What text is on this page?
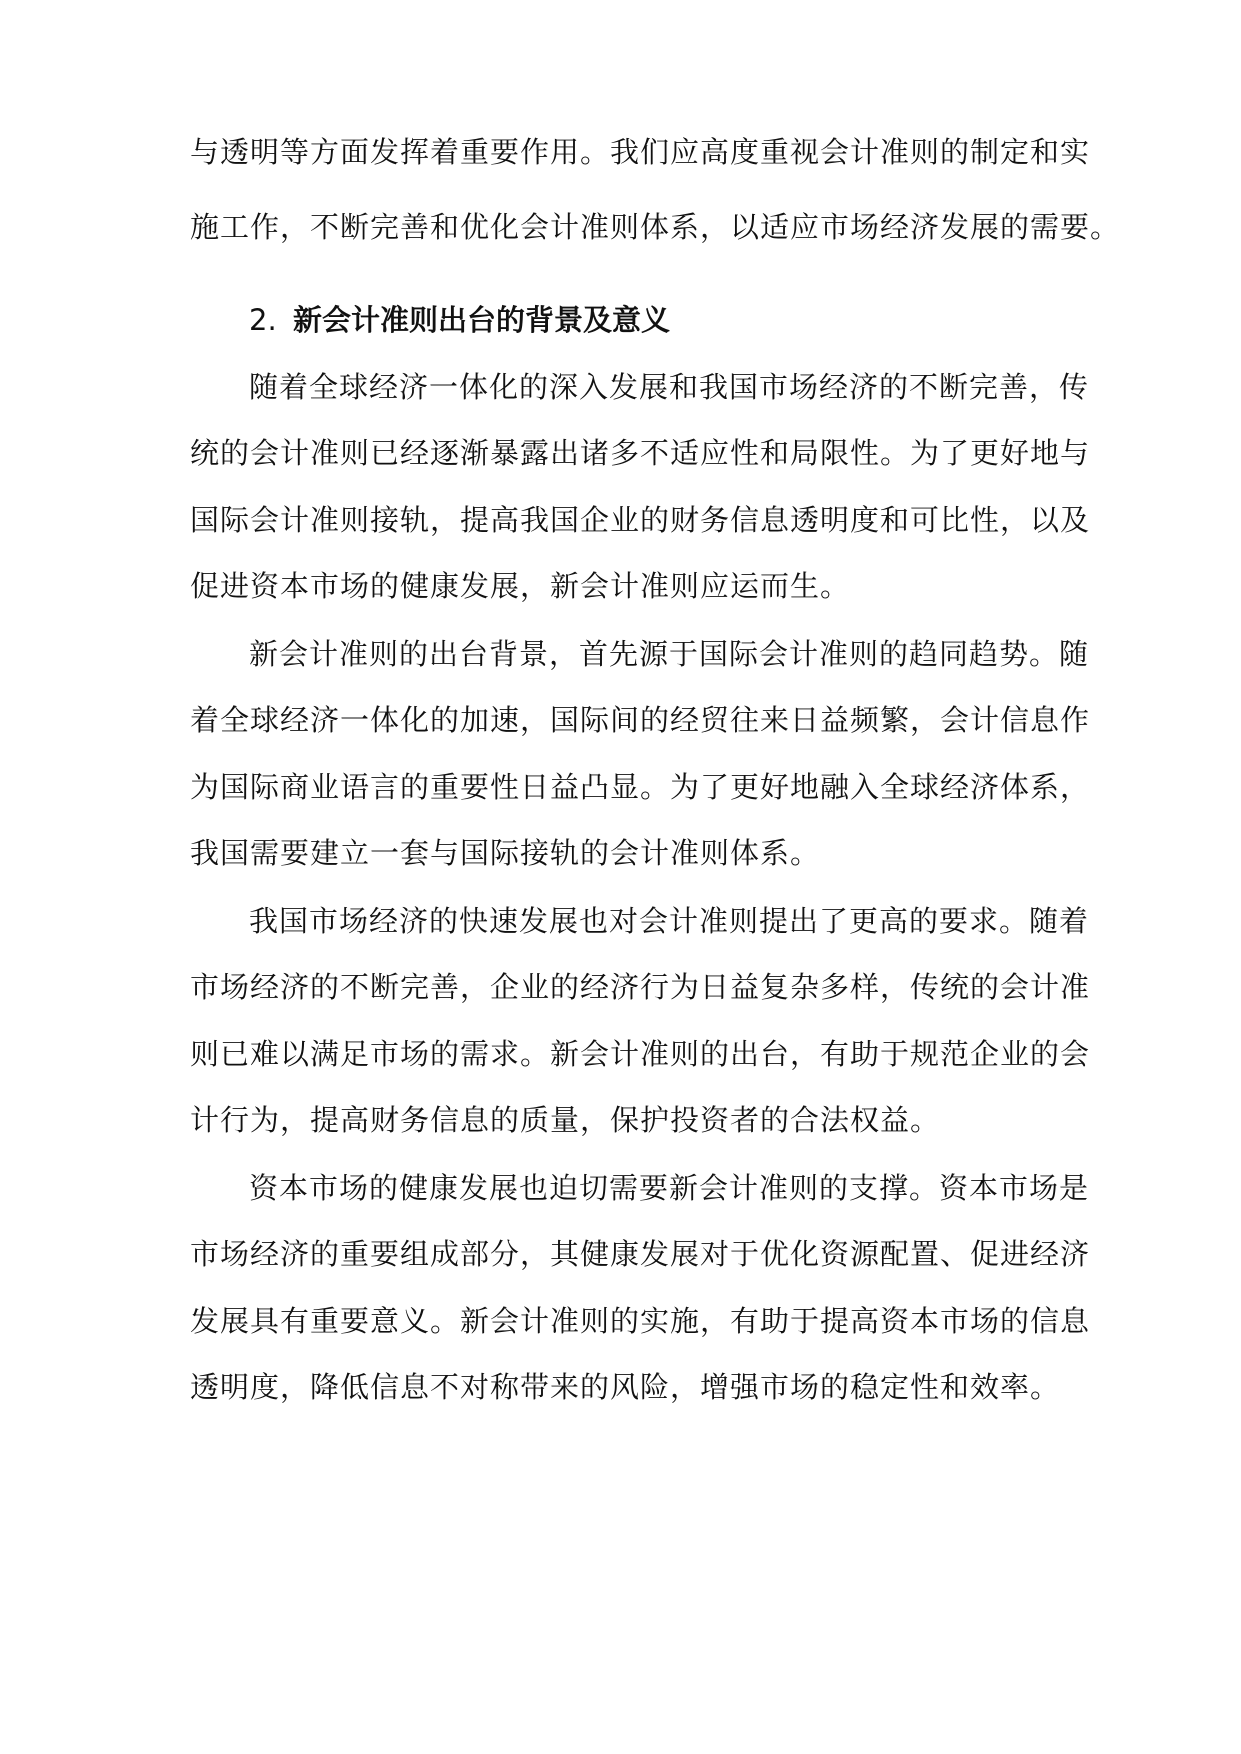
与透明等方面发挥着重要作用。我们应高度重视会计准则的制定和实
施工作，不断完善和优化会计准则体系，以适应市场经济发展的需要。
2. 新会计准则出台的背景及意义
随着全球经济一体化的深入发展和我国市场经济的不断完善，传
统的会计准则已经逐渐暴露出诸多不适应性和局限性。为了更好地与
国际会计准则接轨，提高我国企业的财务信息透明度和可比性，以及
促进资本市场的健康发展，新会计准则应运而生。
新会计准则的出台背景，首先源于国际会计准则的趋同趋势。随
着全球经济一体化的加速，国际间的经贸往来日益频繁，会计信息作
为国际商业语言的重要性日益凸显。为了更好地融入全球经济体系，
我国需要建立一套与国际接轨的会计准则体系。
我国市场经济的快速发展也对会计准则提出了更高的要求。随着
市场经济的不断完善，企业的经济行为日益复杂多样，传统的会计准
则已难以满足市场的需求。新会计准则的出台，有助于规范企业的会
计行为，提高财务信息的质量，保护投资者的合法权益。
资本市场的健康发展也迫切需要新会计准则的支撑。资本市场是
市场经济的重要组成部分，其健康发展对于优化资源配置、促进经济
发展具有重要意义。新会计准则的实施，有助于提高资本市场的信息
透明度，降低信息不对称带来的风险，增强市场的稳定性和效率。
